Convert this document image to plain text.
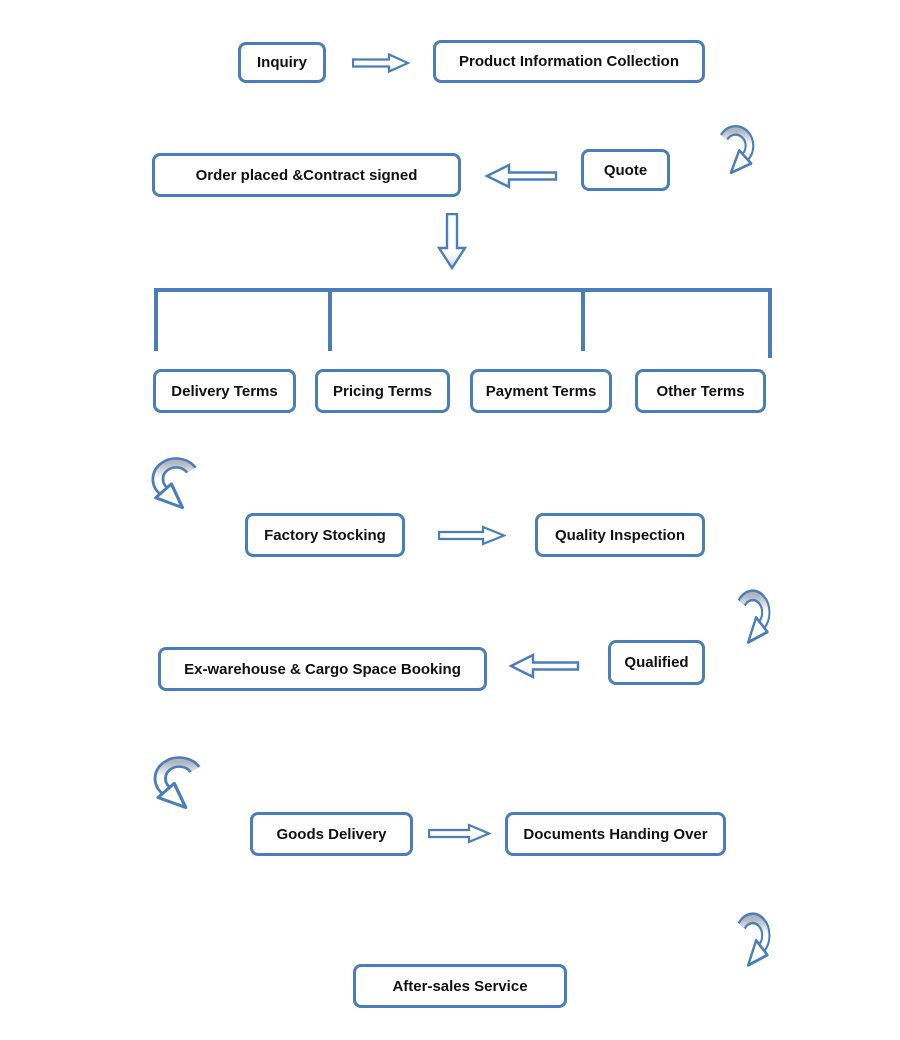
Inquiry	Product Information Collection
Order placed &Contract signed	Quote
Delivery Terms	Pricing Terms	Payment Terms	Other Terms
Factory Stocking	Quality Inspection
Ex-warehouse & Cargo Space Booking	Qualified
Goods Delivery	Documents Handing Over
After-sales Service
